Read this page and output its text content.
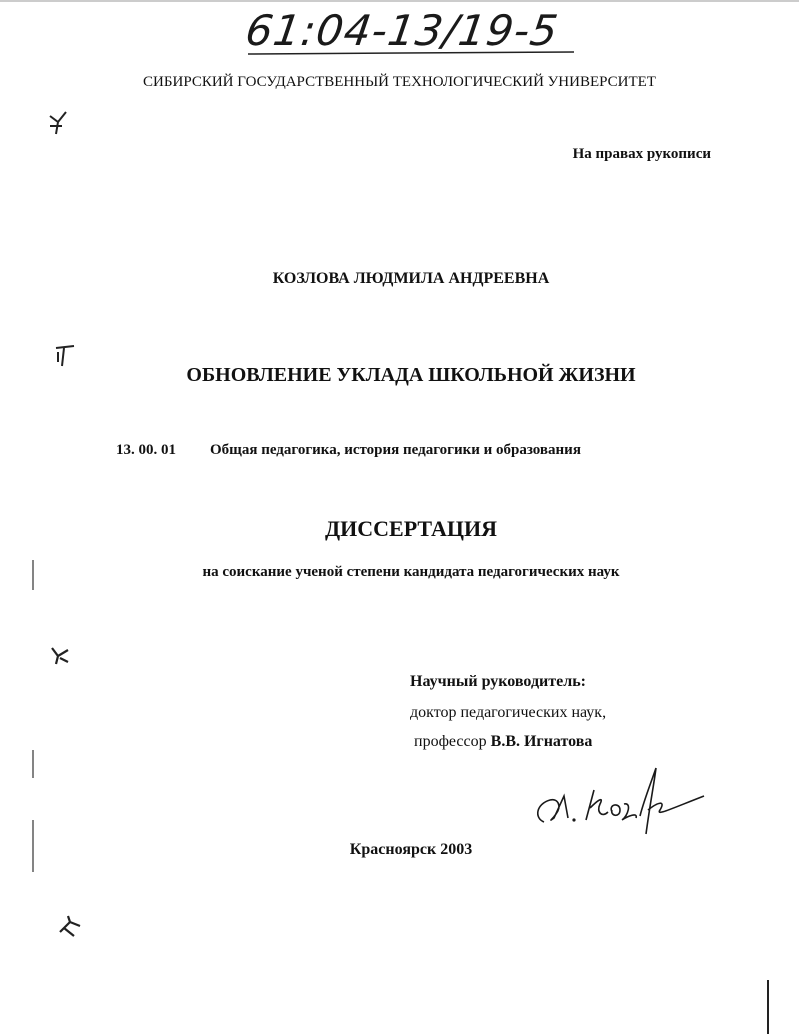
61:04-13/19-5
СИБИРСКИЙ ГОСУДАРСТВЕННЫЙ ТЕХНОЛОГИЧЕСКИЙ УНИВЕРСИТЕТ
На правах рукописи
КОЗЛОВА ЛЮДМИЛА АНДРЕЕВНА
ОБНОВЛЕНИЕ УКЛАДА ШКОЛЬНОЙ ЖИЗНИ
13. 00. 01 Общая педагогика, история педагогики и образования
ДИССЕРТАЦИЯ
на соискание ученой степени кандидата педагогических наук
Научный руководитель:
доктор педагогических наук,
профессор В.В. Игнатова
Красноярск 2003
